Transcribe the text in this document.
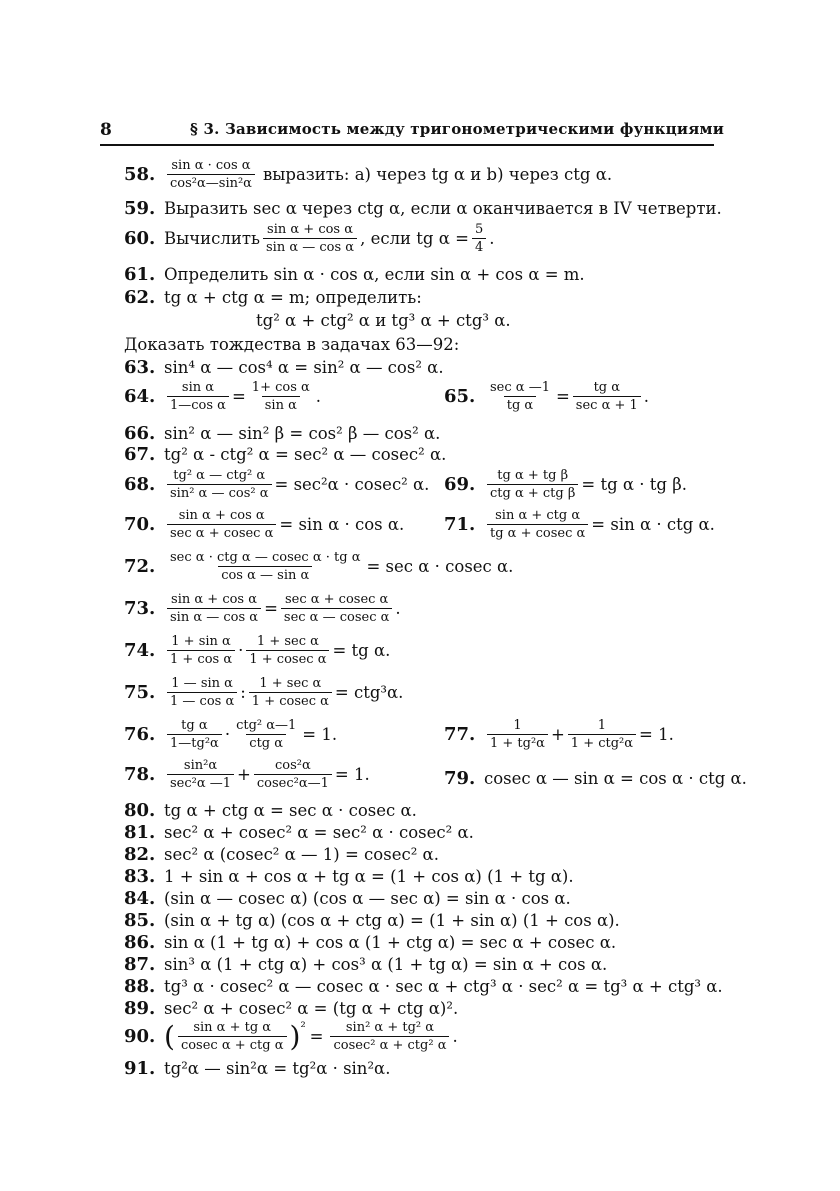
8	§ 3. Зависимость между тригонометрическими функциями
58. $\frac{\text{sin α · cos α}}{\text{cos²α—sin²α}}$ выразить: a) через tg α и b) через ctg α.
59. Выразить sec α через ctg α, если α оканчивается в IV четверти.
60. Вычислить $\frac{\text{sin α + cos α}}{\text{sin α — cos α}}$ , если tg $\alpha = \frac{5}{4}$ .
61. Определить sin α · cos α, если sin α + cos α = m.
62. tg α + ctg α = m; определить:
tg² α + ctg² α и tg³ α + ctg³ α.
Доказать тождества в задачах 63—92:
63. sin⁴ α — cos⁴ α = sin² α — cos² α.
64. $\frac{\text{sin α}}{\text{1—cos α}} = \frac{\text{1+ cos α}}{\text{sin α}}$ .	65. $\frac{\text{sec α —1}}{\text{tg α}} = \frac{\text{tg α}}{\text{sec α + 1}}$ .
66. sin² α — sin² β = cos² β — cos² α.
67. tg² α - ctg² α = sec² α — cosec² α.
68. $\frac{\text{tg² α — ctg² α}}{\text{sin² α — cos² α}} = \sec^2\alpha \cdot cosec^2$ α. 69. $\frac{\text{tg α + tg β}}{\text{ctg α + ctg β}}$ = tg α · tg β.
70. $\frac{\text{sin α + cos α}}{\text{sec α + cosec α}} = \sin \alpha \cdot \cos \alpha$. 71. $\frac{\text{sin α + ctg α}}{\text{tg α + cosec α}} = \sin \alpha$ · ctg α.
72. $\frac{\text{sec α · ctg α — cosec α · tg α}}{\text{cos α — sin α}} = \sec \alpha \cdot cosec$ α.
73. $\frac{\text{sin α + cos α}}{\text{sin α — cos α}} = \frac{\text{sec α + cosec α}}{\text{sec α — cosec α}}$ .
74. $\frac{\text{1 + sin α}}{\text{1 + cos α}} \cdot \frac{\text{1 + sec α}}{\text{1 + cosec α}}$ = tg α.
75. $\frac{\text{1 — sin α}}{\text{1 — cos α}}$ : $\frac{\text{1 + sec α}}{\text{1 + cosec α}} = ctg^3\alpha$.
76. $\frac{\text{tg α}}{\text{1—tg²α}} \cdot \frac{\text{ctg² α—1}}{\text{ctg α}} = 1$.	77. $\frac{1}{\text{1 + tg²α}} + \frac{1}{\text{1 + ctg²α}} = 1$.
78. $\frac{\text{sin²α}}{\text{sec²α —1}} + \frac{\text{cos²α}}{\text{cosec²α—1}} = 1$.	79. cosec α — sin α = cos α · ctg α.
80. tg α + ctg α = sec α · cosec α.
81. sec² α + cosec² α = sec² α · cosec² α.
82. sec² α (cosec² α — 1) = cosec² α.
83. 1 + sin α + cos α + tg α = (1 + cos α) (1 + tg α).
84. (sin α — cosec α) (cos α — sec α) = sin α · cos α.
85. (sin α + tg α) (cos α + ctg α) = (1 + sin α) (1 + cos α).
86. sin α (1 + tg α) + cos α (1 + ctg α) = sec α + cosec α.
87. sin³ α (1 + ctg α) + cos³ α (1 + tg α) = sin α + cos α.
88. tg³ α · cosec² α — cosec α · sec α + ctg³ α · sec² α = tg³ α + ctg³ α.
89. sec² α + cosec² α = (tg α + ctg α)².
90. ( $\frac{\text{sin α + tg α}}{\text{cosec α + ctg α}}$ ) $^2 = \frac{\text{sin² α + tg² α}}{\text{cosec² α + ctg² α}}$ .
91. tg²α — sin²α = tg²α · sin²α.
